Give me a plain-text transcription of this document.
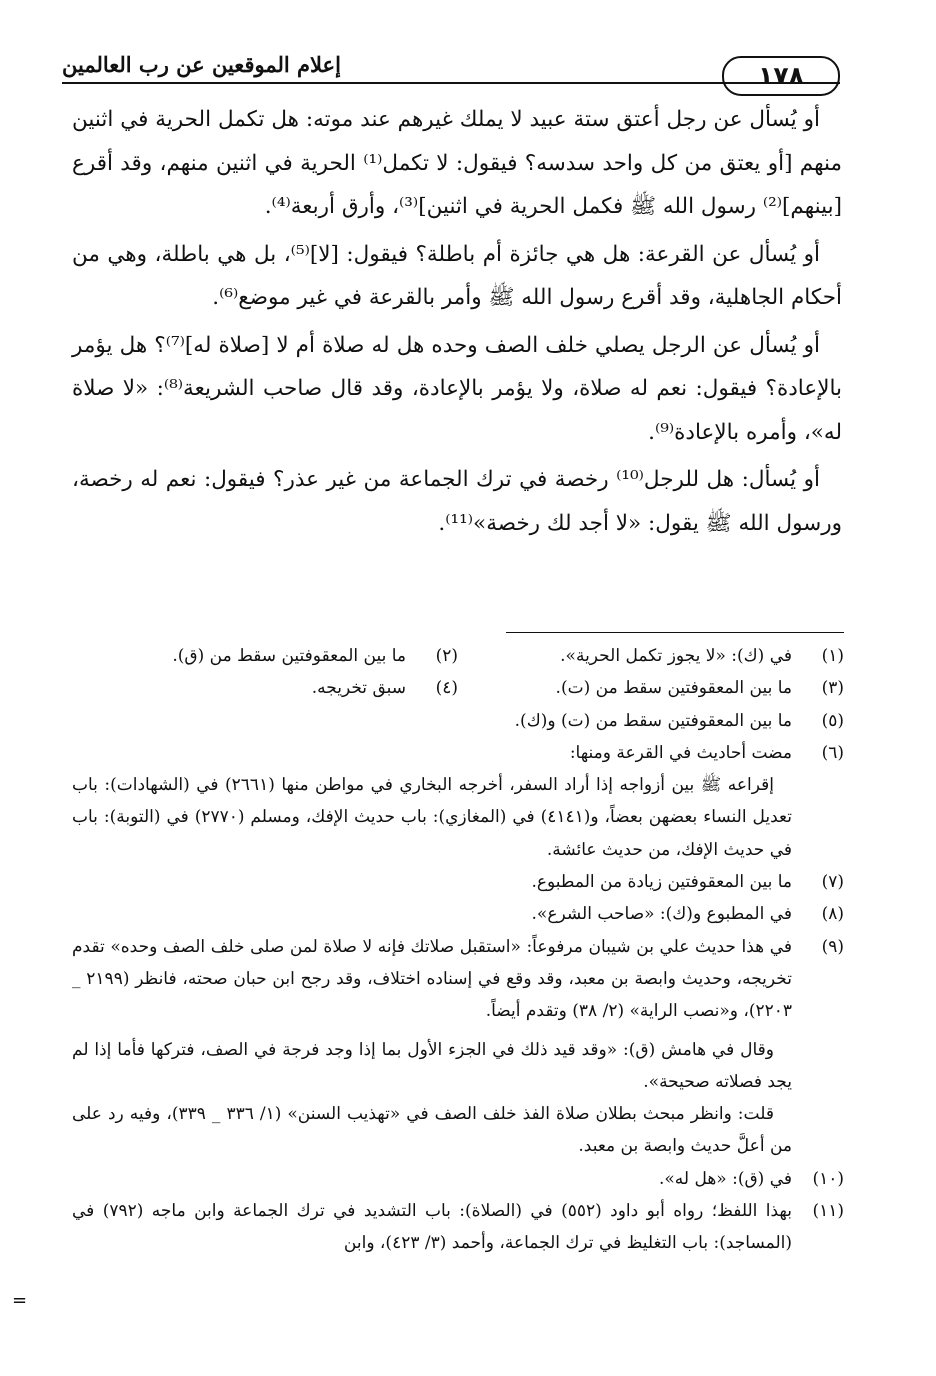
١٧٨
إعلام الموقعين عن رب العالمين

أو يُسأل عن رجل أعتق ستة عبيد لا يملك غيرهم عند موته: هل تكمل الحرية في اثنين منهم [أو يعتق من كل واحد سدسه؟ فيقول: لا تكمل⁽¹⁾ الحرية في اثنين منهم، وقد أقرع [بينهم]⁽²⁾ رسول الله ﷺ فكمل الحرية في اثنين]⁽³⁾، وأرق أربعة⁽⁴⁾.

أو يُسأل عن القرعة: هل هي جائزة أم باطلة؟ فيقول: [لا]⁽⁵⁾، بل هي باطلة، وهي من أحكام الجاهلية، وقد أقرع رسول الله ﷺ وأمر بالقرعة في غير موضع⁽⁶⁾.

أو يُسأل عن الرجل يصلي خلف الصف وحده هل له صلاة أم لا [صلاة له]⁽⁷⁾؟ هل يؤمر بالإعادة؟ فيقول: نعم له صلاة، ولا يؤمر بالإعادة، وقد قال صاحب الشريعة⁽⁸⁾: «لا صلاة له»، وأمره بالإعادة⁽⁹⁾.

أو يُسأل: هل للرجل⁽¹⁰⁾ رخصة في ترك الجماعة من غير عذر؟ فيقول: نعم له رخصة، ورسول الله ﷺ يقول: «لا أجد لك رخصة»⁽¹¹⁾.

(١)
في (ك): «لا يجوز تكمل الحرية».
(٢)
ما بين المعقوفتين سقط من (ق).
(٣)
ما بين المعقوفتين سقط من (ت).
(٤)
سبق تخريجه.
(٥)
ما بين المعقوفتين سقط من (ت) و(ك).
(٦)
مضت أحاديث في القرعة ومنها:
إقراعه ﷺ بين أزواجه إذا أراد السفر، أخرجه البخاري في مواطن منها (٢٦٦١) في (الشهادات): باب تعديل النساء بعضهن بعضاً، و(٤١٤١) في (المغازي): باب حديث الإفك، ومسلم (٢٧٧٠) في (التوبة): باب في حديث الإفك، من حديث عائشة.
(٧)
ما بين المعقوفتين زيادة من المطبوع.
(٨)
في المطبوع و(ك): «صاحب الشرع».
(٩)
في هذا حديث علي بن شيبان مرفوعاً: «استقبل صلاتك فإنه لا صلاة لمن صلى خلف الصف وحده» تقدم تخريجه، وحديث وابصة بن معبد، وقد وقع في إسناده اختلاف، وقد رجح ابن حبان صحته، فانظر (٢١٩٩ _ ٢٢٠٣)، و«نصب الراية» (٢/ ٣٨) وتقدم أيضاً.
وقال في هامش (ق): «وقد قيد ذلك في الجزء الأول بما إذا وجد فرجة في الصف، فتركها فأما إذا لم يجد فصلاته صحيحة».
قلت: وانظر مبحث بطلان صلاة الفذ خلف الصف في «تهذيب السنن» (١/ ٣٣٦ _ ٣٣٩)، وفيه رد على من أعلَّ حديث وابصة بن معبد.
(١٠)
في (ق): «هل له».
(١١)
بهذا اللفظ؛ رواه أبو داود (٥٥٢) في (الصلاة): باب التشديد في ترك الجماعة وابن ماجه (٧٩٢) في (المساجد): باب التغليظ في ترك الجماعة، وأحمد (٣/ ٤٢٣)، وابن
=
